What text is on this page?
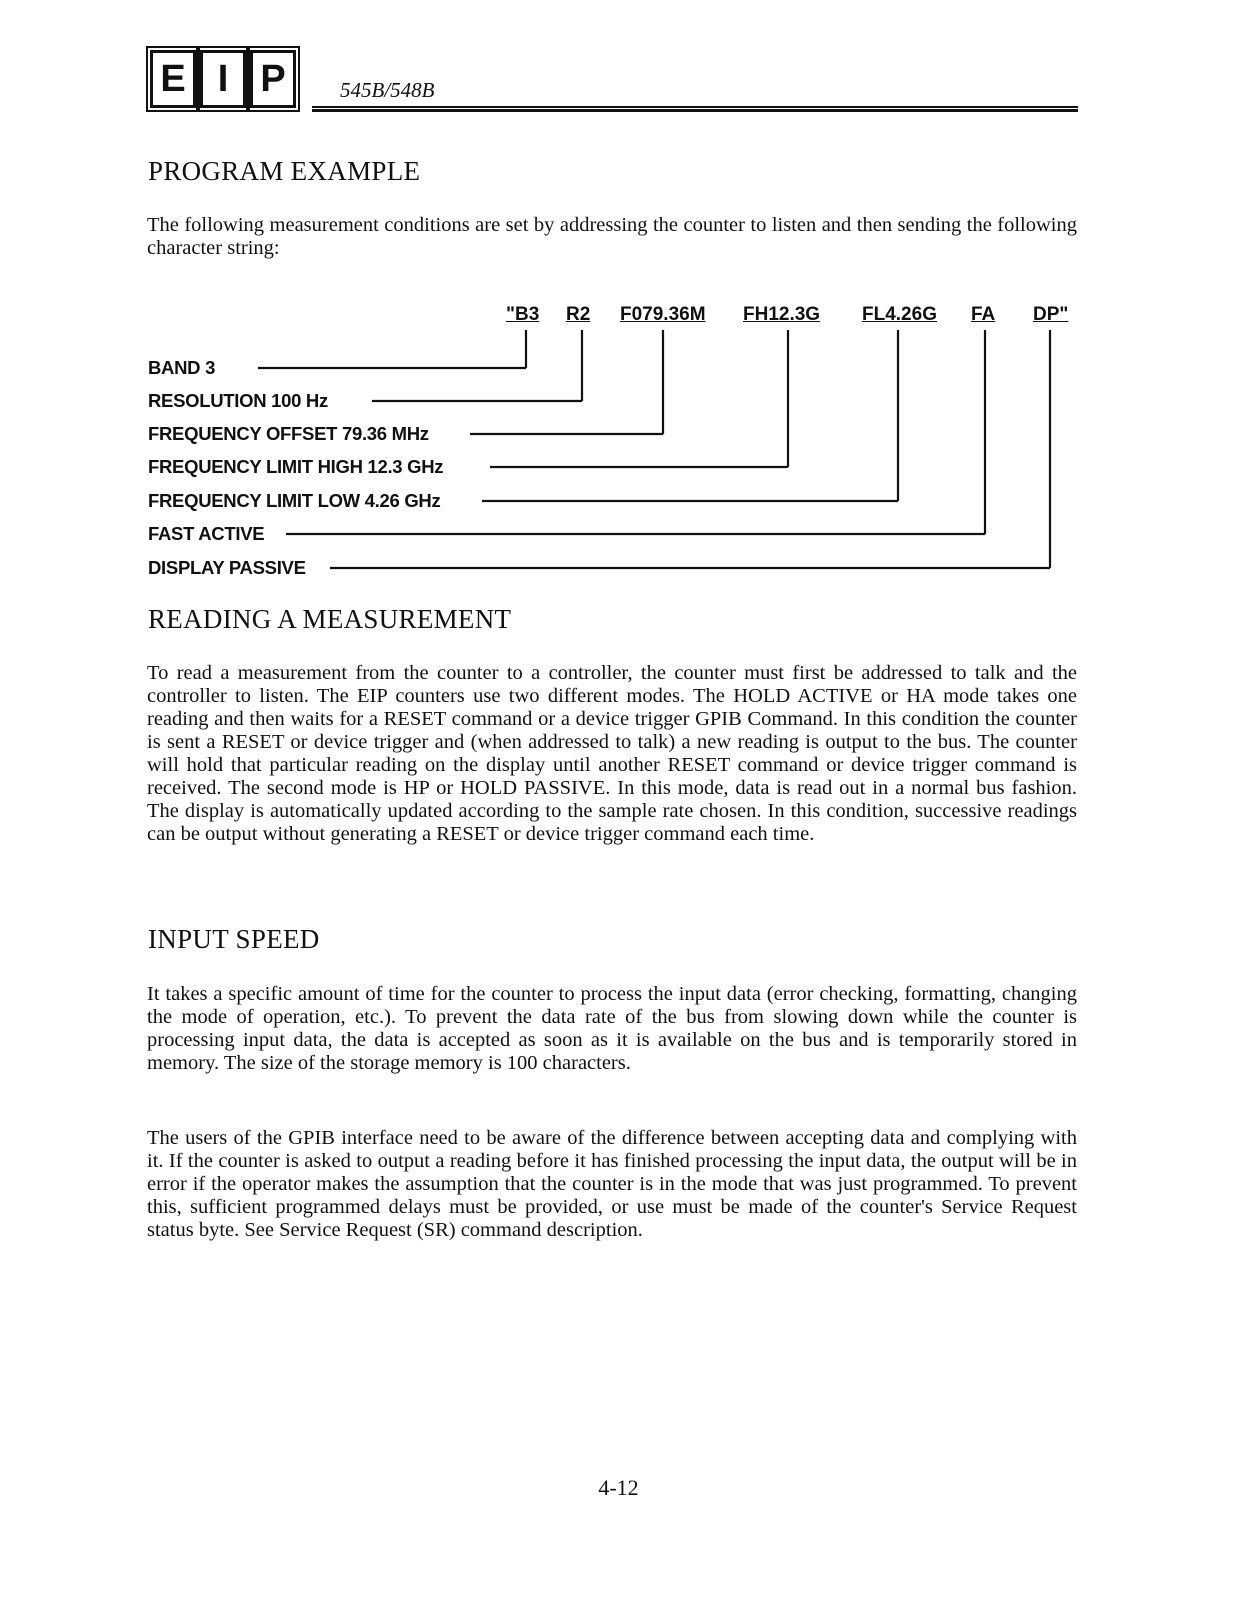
E I P	545B/548B
PROGRAM EXAMPLE

The following measurement conditions are set by addressing the counter to listen and then sending the following character string:

"B3 R2 F079.36M FH12.3G FL4.26G FA DP"
BAND 3
RESOLUTION 100 Hz
FREQUENCY OFFSET 79.36 MHz
FREQUENCY LIMIT HIGH 12.3 GHz
FREQUENCY LIMIT LOW 4.26 GHz
FAST ACTIVE
DISPLAY PASSIVE
READING A MEASUREMENT

To read a measurement from the counter to a controller, the counter must first be addressed to talk and the controller to listen. The EIP counters use two different modes. The HOLD ACTIVE or HA mode takes one reading and then waits for a RESET command or a device trigger GPIB Command. In this condition the counter is sent a RESET or device trigger and (when addressed to talk) a new reading is output to the bus. The counter will hold that particular reading on the display until another RESET command or device trigger command is received. The second mode is HP or HOLD PASSIVE. In this mode, data is read out in a normal bus fashion. The display is automatically updated according to the sample rate chosen. In this condition, successive readings can be output without generating a RESET or device trigger command each time.

INPUT SPEED

It takes a specific amount of time for the counter to process the input data (error checking, formatting, changing the mode of operation, etc.). To prevent the data rate of the bus from slowing down while the counter is processing input data, the data is accepted as soon as it is available on the bus and is temporarily stored in memory. The size of the storage memory is 100 characters.

The users of the GPIB interface need to be aware of the difference between accepting data and complying with it. If the counter is asked to output a reading before it has finished processing the input data, the output will be in error if the operator makes the assumption that the counter is in the mode that was just programmed. To prevent this, sufficient programmed delays must be provided, or use must be made of the counter's Service Request status byte. See Service Request (SR) command description.

4-12
